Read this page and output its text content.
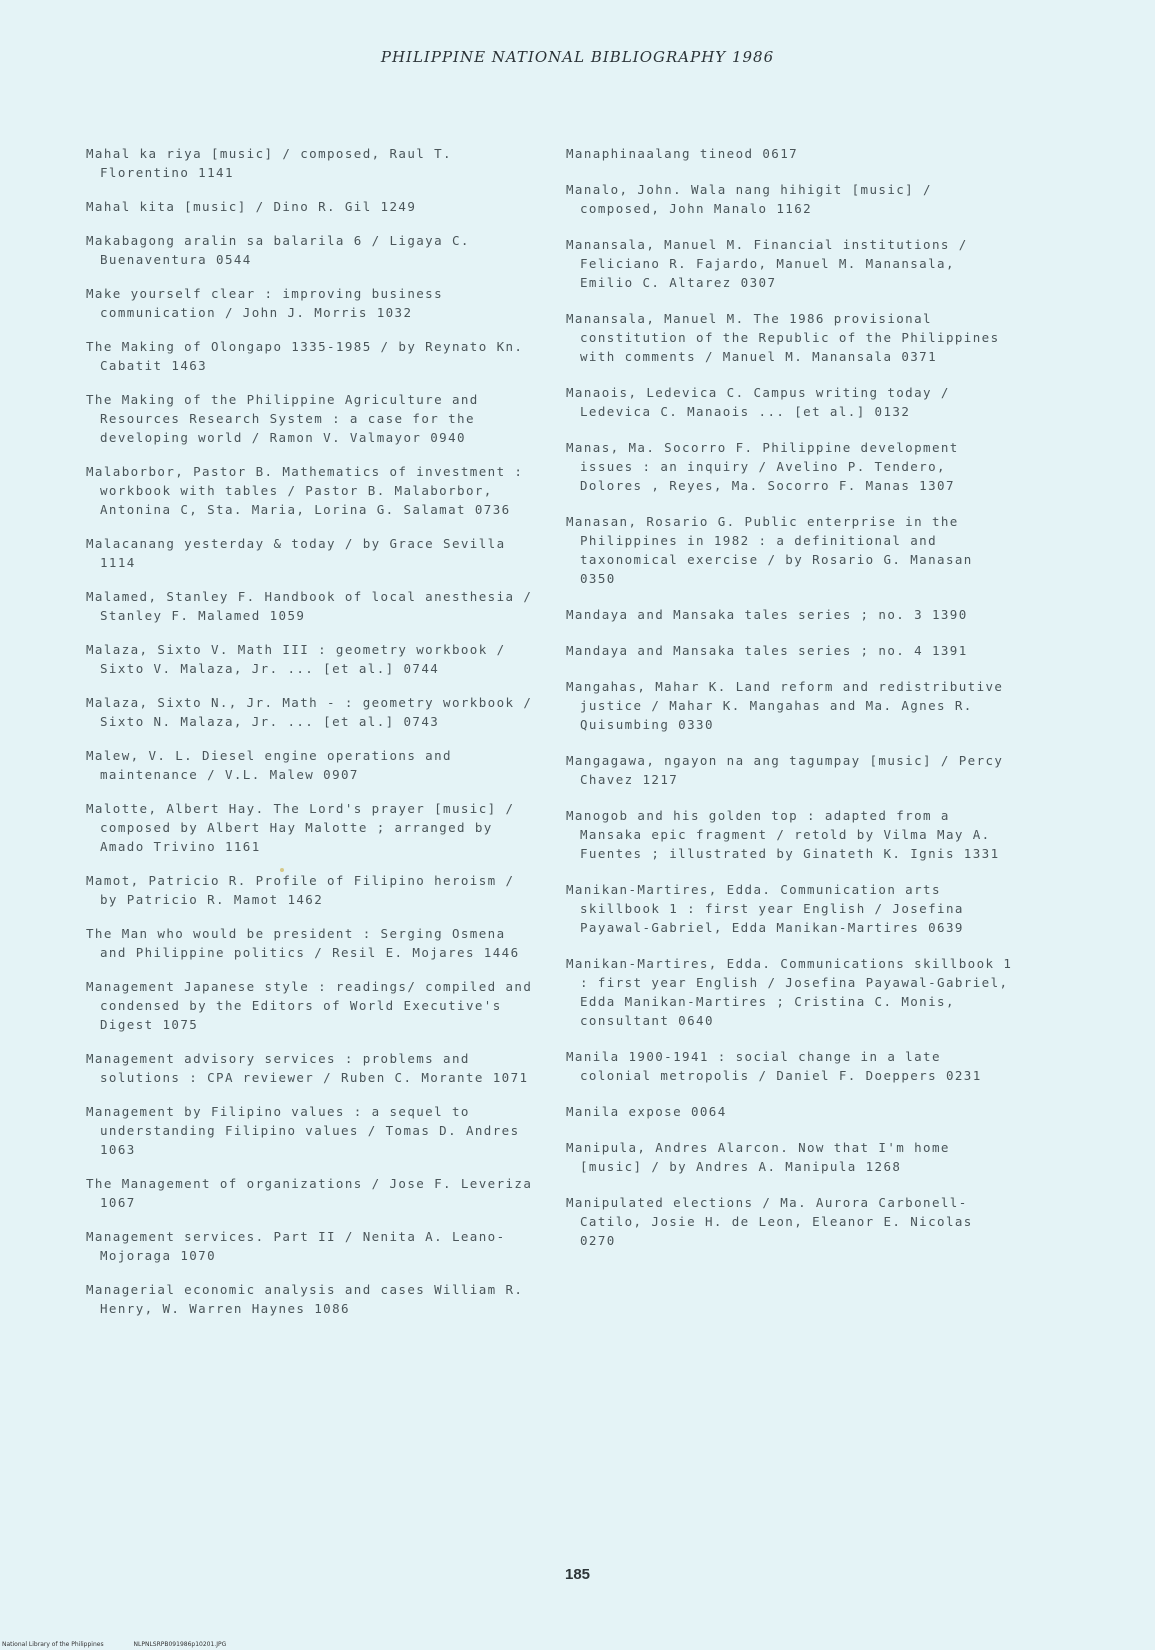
PHILIPPINE NATIONAL BIBLIOGRAPHY 1986
Mahal ka riya [music] / composed, Raul T. Florentino 1141
Mahal kita [music] / Dino R. Gil 1249
Makabagong aralin sa balarila 6 / Ligaya C. Buenaventura 0544
Make yourself clear : improving business communication / John J. Morris 1032
The Making of Olongapo 1335-1985 / by Reynato Kn. Cabatit 1463
The Making of the Philippine Agriculture and Resources Research System : a case for the developing world / Ramon V. Valmayor 0940
Malaborbor, Pastor B. Mathematics of investment : workbook with tables / Pastor B. Malaborbor, Antonina C, Sta. Maria, Lorina G. Salamat 0736
Malacanang yesterday & today / by Grace Sevilla 1114
Malamed, Stanley F. Handbook of local anesthesia / Stanley F. Malamed 1059
Malaza, Sixto V. Math III : geometry workbook / Sixto V. Malaza, Jr. ... [et al.] 0744
Malaza, Sixto N., Jr. Math - : geometry workbook / Sixto N. Malaza, Jr. ... [et al.] 0743
Malew, V. L. Diesel engine operations and maintenance / V.L. Malew 0907
Malotte, Albert Hay. The Lord's prayer [music] / composed by Albert Hay Malotte ; arranged by Amado Trivino 1161
Mamot, Patricio R. Profile of Filipino heroism / by Patricio R. Mamot 1462
The Man who would be president : Serging Osmena and Philippine politics / Resil E. Mojares 1446
Management Japanese style : readings/ compiled and condensed by the Editors of World Executive's Digest 1075
Management advisory services : problems and solutions : CPA reviewer / Ruben C. Morante 1071
Management by Filipino values : a sequel to understanding Filipino values / Tomas D. Andres 1063
The Management of organizations / Jose F. Leveriza 1067
Management services. Part II / Nenita A. Leano-Mojoraga 1070
Managerial economic analysis and cases William R. Henry, W. Warren Haynes 1086
Manaphinaalang tineod 0617
Manalo, John. Wala nang hihigit [music] / composed, John Manalo 1162
Manansala, Manuel M. Financial institutions / Feliciano R. Fajardo, Manuel M. Manansala, Emilio C. Altarez 0307
Manansala, Manuel M. The 1986 provisional constitution of the Republic of the Philippines with comments / Manuel M. Manansala 0371
Manaois, Ledevica C. Campus writing today / Ledevica C. Manaois ... [et al.] 0132
Manas, Ma. Socorro F. Philippine development issues : an inquiry / Avelino P. Tendero, Dolores , Reyes, Ma. Socorro F. Manas 1307
Manasan, Rosario G. Public enterprise in the Philippines in 1982 : a definitional and taxonomical exercise / by Rosario G. Manasan 0350
Mandaya and Mansaka tales series ; no. 3 1390
Mandaya and Mansaka tales series ; no. 4 1391
Mangahas, Mahar K. Land reform and redistributive justice / Mahar K. Mangahas and Ma. Agnes R. Quisumbing 0330
Mangagawa, ngayon na ang tagumpay [music] / Percy Chavez 1217
Manogob and his golden top : adapted from a Mansaka epic fragment / retold by Vilma May A. Fuentes ; illustrated by Ginateth K. Ignis 1331
Manikan-Martires, Edda. Communication arts skillbook 1 : first year English / Josefina Payawal-Gabriel, Edda Manikan-Martires 0639
Manikan-Martires, Edda. Communications skillbook 1 : first year English / Josefina Payawal-Gabriel, Edda Manikan-Martires ; Cristina C. Monis, consultant 0640
Manila 1900-1941 : social change in a late colonial metropolis / Daniel F. Doeppers 0231
Manila expose 0064
Manipula, Andres Alarcon. Now that I'm home [music] / by Andres A. Manipula 1268
Manipulated elections / Ma. Aurora Carbonell-Catilo, Josie H. de Leon, Eleanor E. Nicolas 0270
185
National Library of the Philippines	NLPNLSRPB091986p10201.JPG
